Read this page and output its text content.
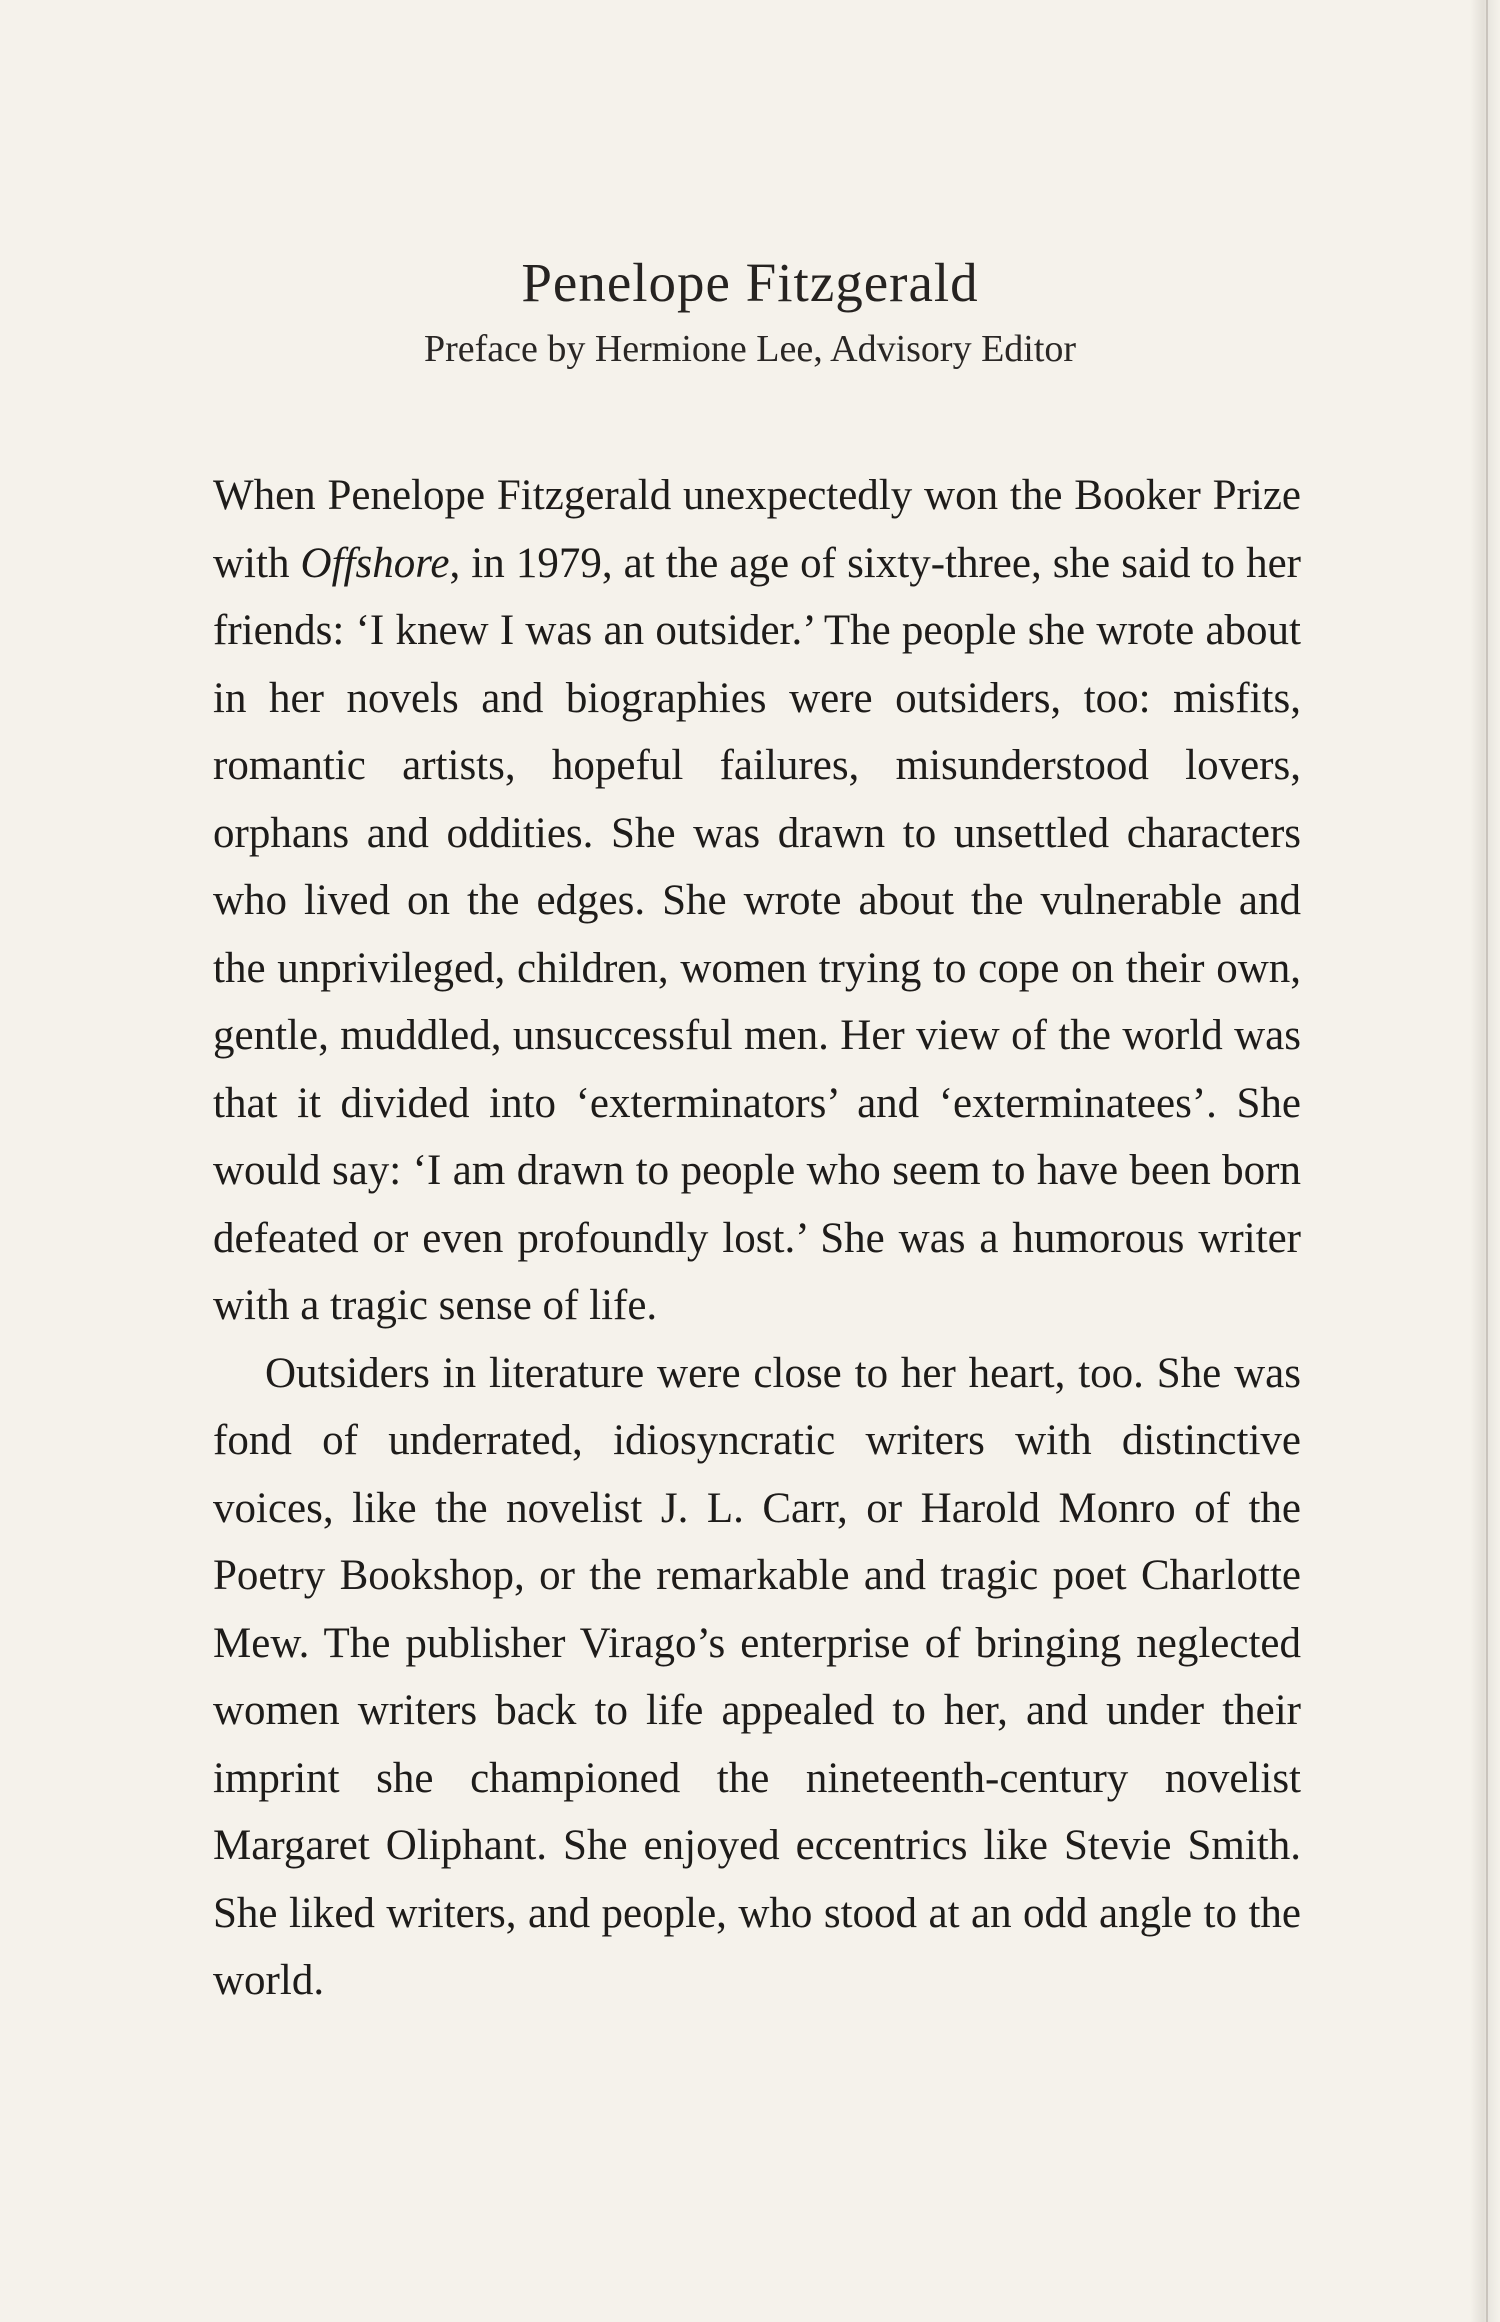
Penelope Fitzgerald
Preface by Hermione Lee, Advisory Editor

When Penelope Fitzgerald unexpectedly won the Booker Prize with Offshore, in 1979, at the age of sixty-three, she said to her friends: ‘I knew I was an outsider.’ The people she wrote about in her novels and biographies were outsiders, too: misfits, romantic artists, hopeful failures, misunderstood lovers, orphans and oddities. She was drawn to unsettled characters who lived on the edges. She wrote about the vulnerable and the unprivileged, children, women trying to cope on their own, gentle, muddled, unsuccessful men. Her view of the world was that it divided into ‘exterminators’ and ‘exterminatees’. She would say: ‘I am drawn to people who seem to have been born defeated or even profoundly lost.’ She was a humorous writer with a tragic sense of life.

Outsiders in literature were close to her heart, too. She was fond of underrated, idiosyncratic writers with distinctive voices, like the novelist J. L. Carr, or Harold Monro of the Poetry Bookshop, or the remarkable and tragic poet Charlotte Mew. The publisher Virago’s enterprise of bringing neglected women writers back to life appealed to her, and under their imprint she championed the nineteenth-century novelist Margaret Oliphant. She enjoyed eccentrics like Stevie Smith. She liked writers, and people, who stood at an odd angle to the world.
